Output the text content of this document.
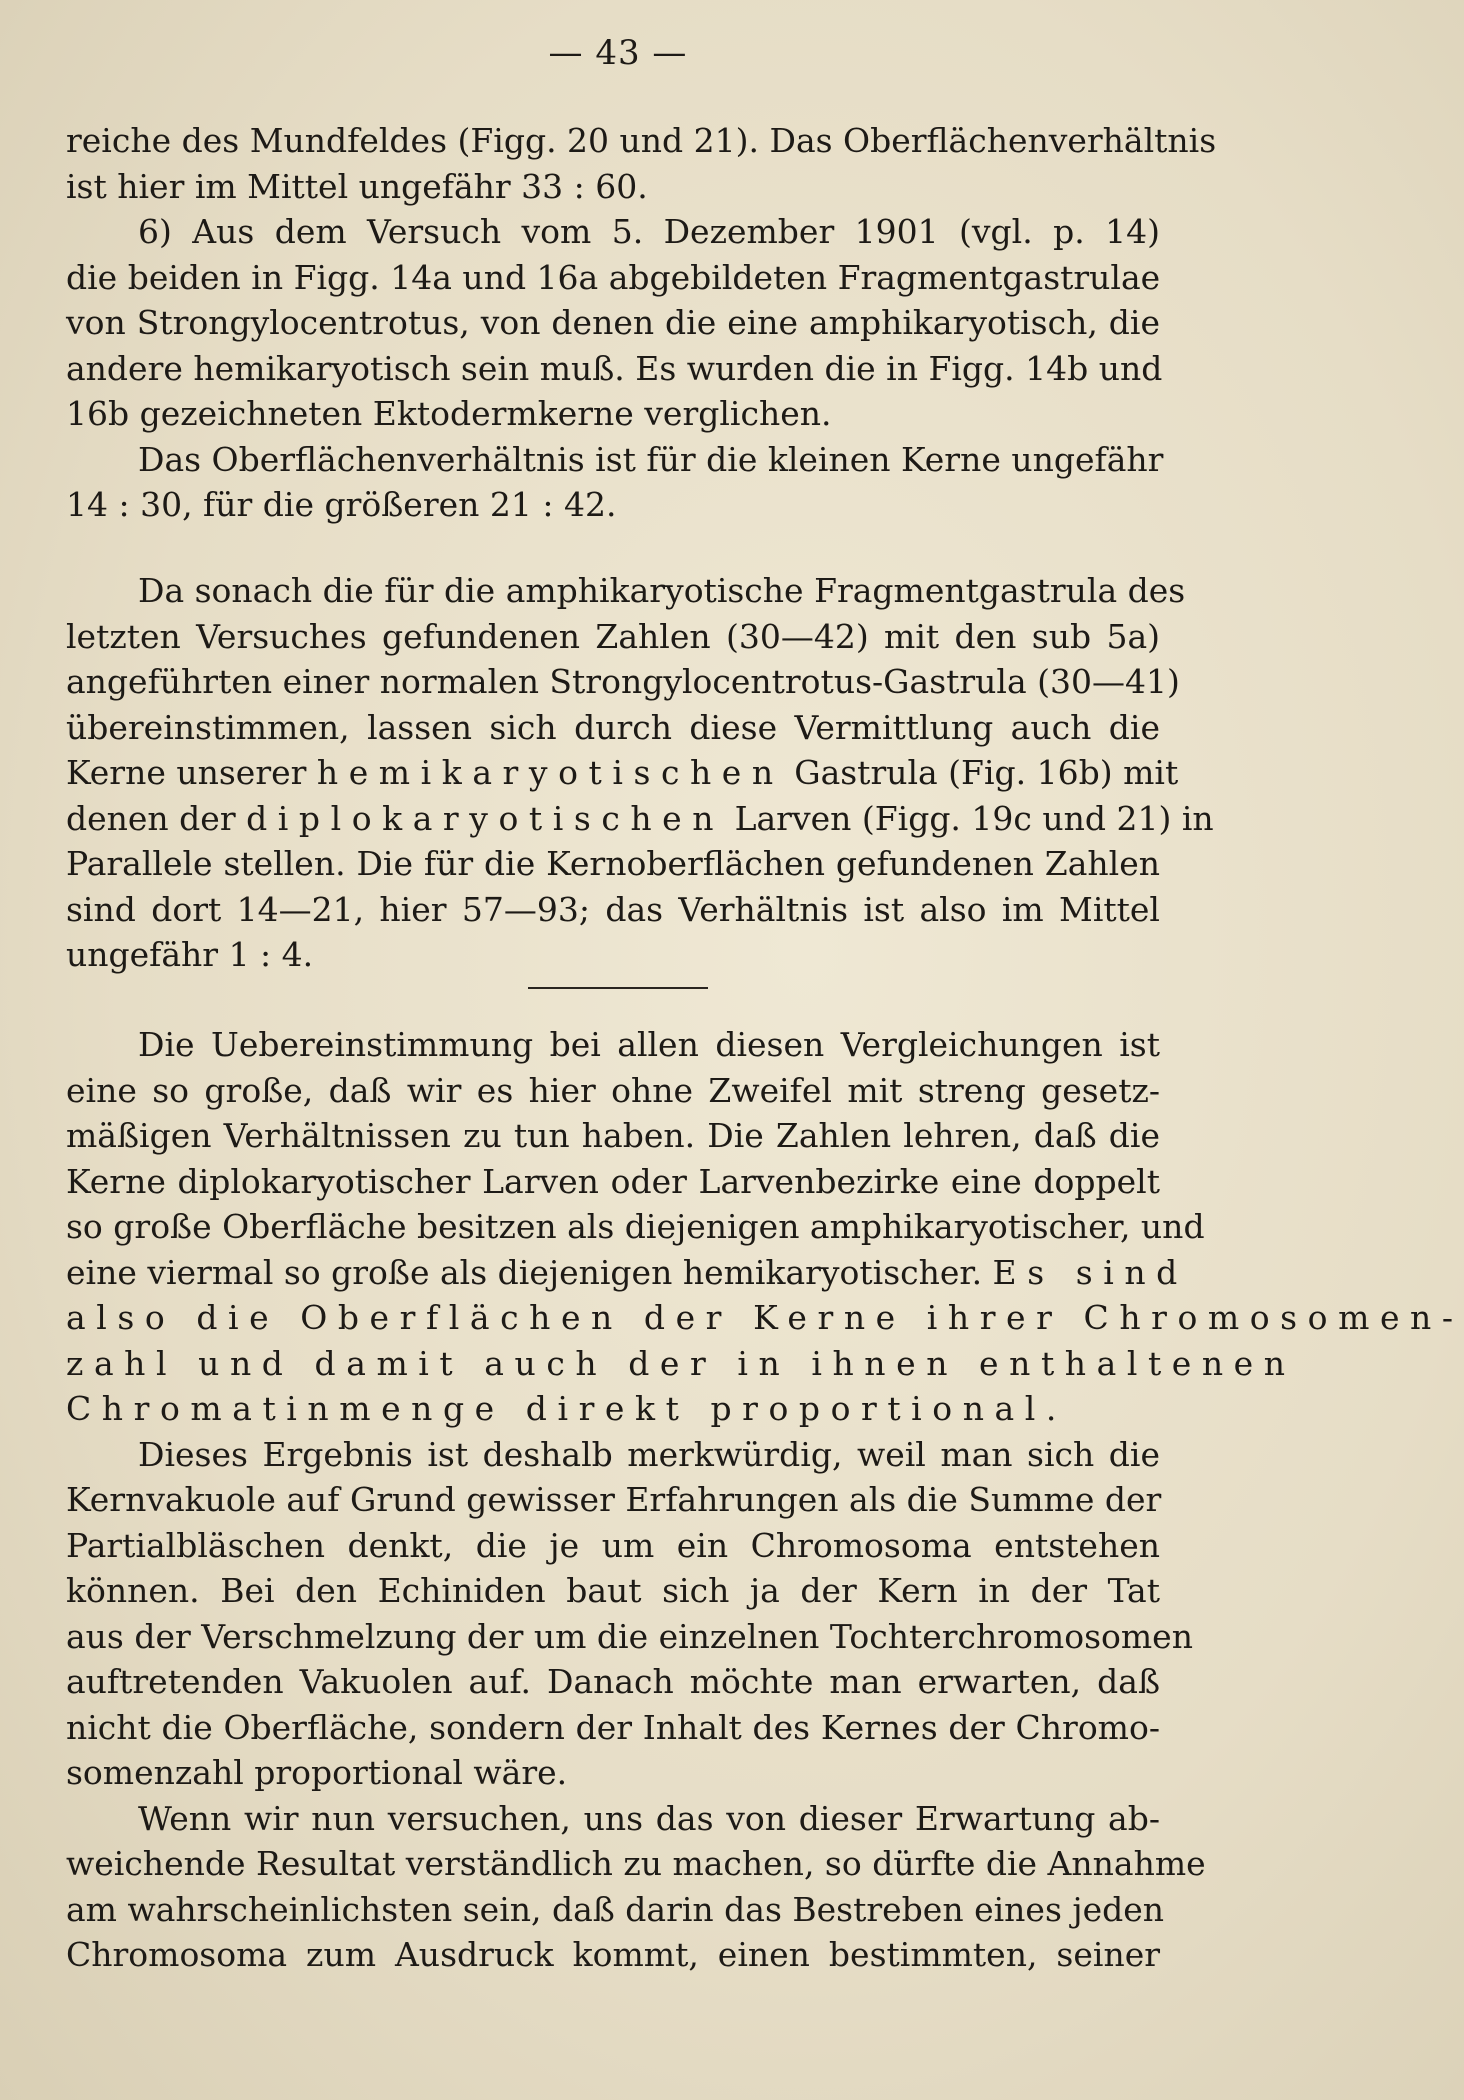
— 43 —
reiche des Mundfeldes (Figg. 20 und 21). Das Oberflächenverhältnis
ist hier im Mittel ungefähr 33 : 60.
6) Aus dem Versuch vom 5. Dezember 1901 (vgl. p. 14)
die beiden in Figg. 14a und 16a abgebildeten Fragmentgastrulae
von Strongylocentrotus, von denen die eine amphikaryotisch, die
andere hemikaryotisch sein muß. Es wurden die in Figg. 14b und
16b gezeichneten Ektodermkerne verglichen.
Das Oberflächenverhältnis ist für die kleinen Kerne ungefähr
14 : 30, für die größeren 21 : 42.
Da sonach die für die amphikaryotische Fragmentgastrula des
letzten Versuches gefundenen Zahlen (30—42) mit den sub 5a)
angeführten einer normalen Strongylocentrotus-Gastrula (30—41)
übereinstimmen, lassen sich durch diese Vermittlung auch die
Kerne unserer hemikaryotischen Gastrula (Fig. 16b) mit
denen der diplokaryotischen Larven (Figg. 19c und 21) in
Parallele stellen. Die für die Kernoberflächen gefundenen Zahlen
sind dort 14—21, hier 57—93; das Verhältnis ist also im Mittel
ungefähr 1 : 4.
Die Uebereinstimmung bei allen diesen Vergleichungen ist
eine so große, daß wir es hier ohne Zweifel mit streng gesetz-
mäßigen Verhältnissen zu tun haben. Die Zahlen lehren, daß die
Kerne diplokaryotischer Larven oder Larvenbezirke eine doppelt
so große Oberfläche besitzen als diejenigen amphikaryotischer, und
eine viermal so große als diejenigen hemikaryotischer. Es sind
also die Oberflächen der Kerne ihrer Chromosomen-
zahl und damit auch der in ihnen enthaltenen
Chromatinmenge direkt proportional.
Dieses Ergebnis ist deshalb merkwürdig, weil man sich die
Kernvakuole auf Grund gewisser Erfahrungen als die Summe der
Partialbläschen denkt, die je um ein Chromosoma entstehen
können. Bei den Echiniden baut sich ja der Kern in der Tat
aus der Verschmelzung der um die einzelnen Tochterchromosomen
auftretenden Vakuolen auf. Danach möchte man erwarten, daß
nicht die Oberfläche, sondern der Inhalt des Kernes der Chromo-
somenzahl proportional wäre.
Wenn wir nun versuchen, uns das von dieser Erwartung ab-
weichende Resultat verständlich zu machen, so dürfte die Annahme
am wahrscheinlichsten sein, daß darin das Bestreben eines jeden
Chromosoma zum Ausdruck kommt, einen bestimmten, seiner
